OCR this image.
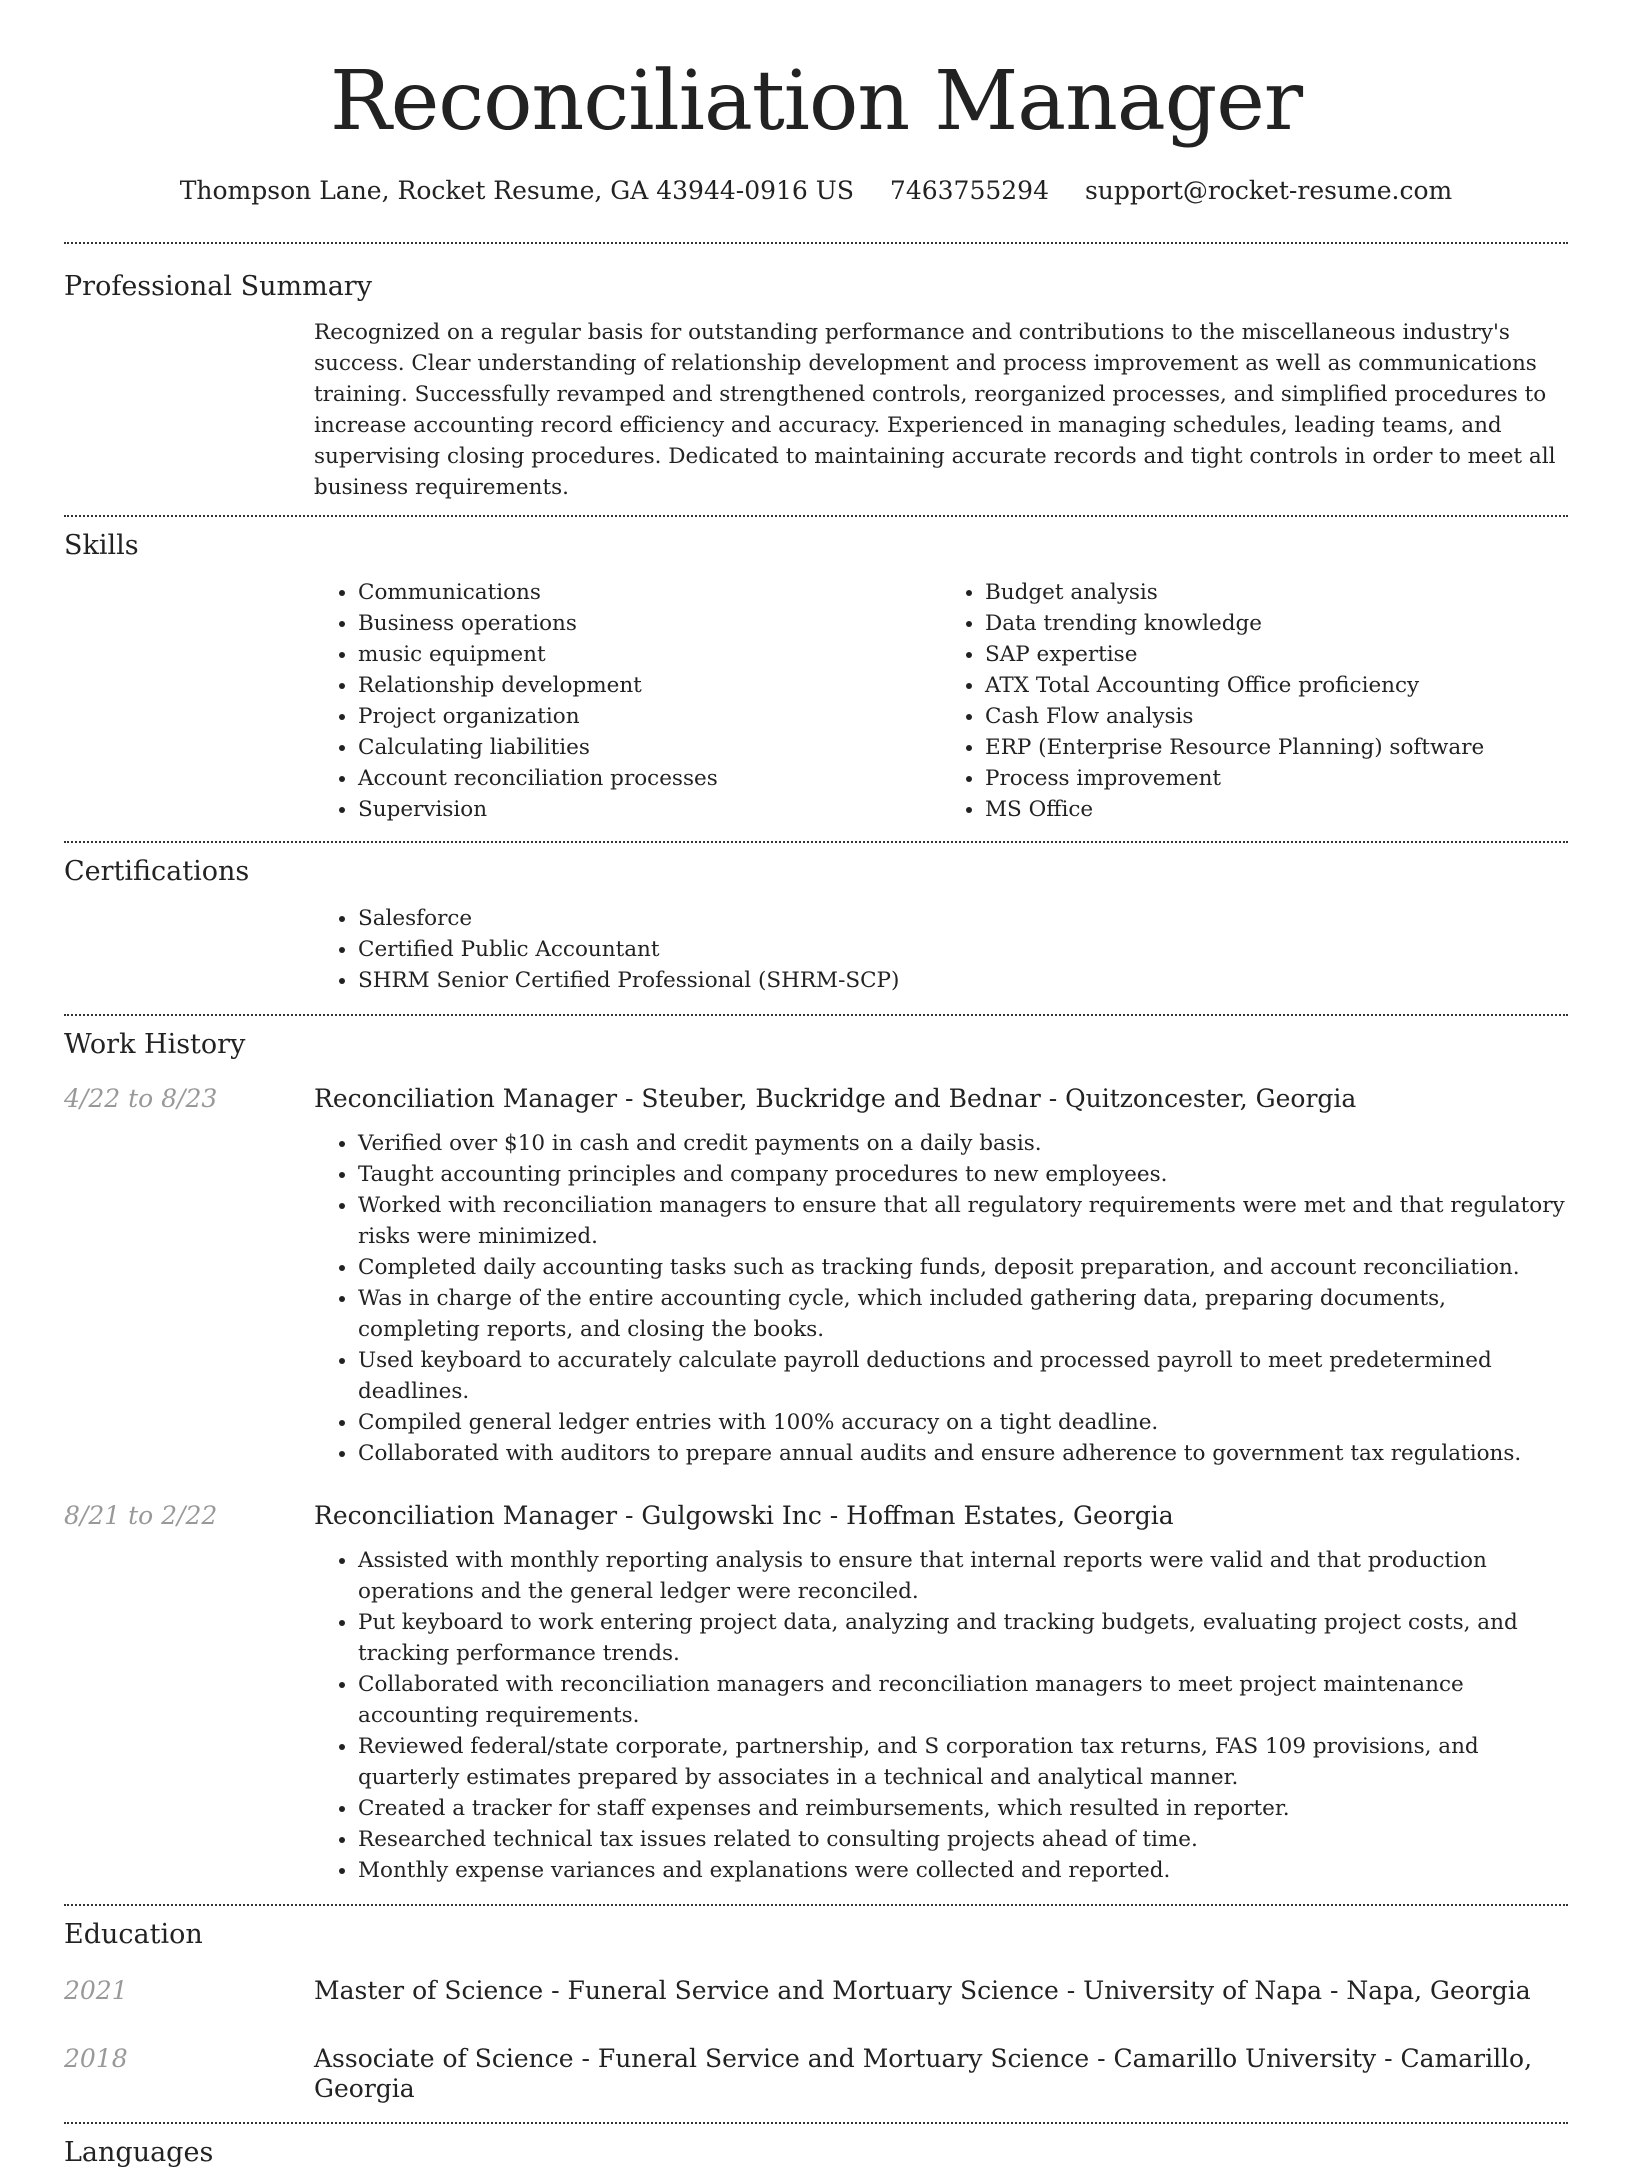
Reconciliation Manager
Thompson Lane, Rocket Resume, GA 43944-0916 US 7463755294 support@rocket-resume.com
Professional Summary

Recognized on a regular basis for outstanding performance and contributions to the miscellaneous industry's success. Clear understanding of relationship development and process improvement as well as communications training. Successfully revamped and strengthened controls, reorganized processes, and simplified procedures to increase accounting record efficiency and accuracy. Experienced in managing schedules, leading teams, and supervising closing procedures. Dedicated to maintaining accurate records and tight controls in order to meet all business requirements.

Skills
• Communications
• Business operations
• music equipment
• Relationship development
• Project organization
• Calculating liabilities
• Account reconciliation processes
• Supervision
• Budget analysis
• Data trending knowledge
• SAP expertise
• ATX Total Accounting Office proficiency
• Cash Flow analysis
• ERP (Enterprise Resource Planning) software
• Process improvement
• MS Office
Certifications
• Salesforce
• Certified Public Accountant
• SHRM Senior Certified Professional (SHRM-SCP)
Work History
4/22 to 8/23	Reconciliation Manager - Steuber, Buckridge and Bednar - Quitzoncester, Georgia
• Verified over $10 in cash and credit payments on a daily basis.
• Taught accounting principles and company procedures to new employees.
• Worked with reconciliation managers to ensure that all regulatory requirements were met and that regulatory risks were minimized.
• Completed daily accounting tasks such as tracking funds, deposit preparation, and account reconciliation.
• Was in charge of the entire accounting cycle, which included gathering data, preparing documents, completing reports, and closing the books.
• Used keyboard to accurately calculate payroll deductions and processed payroll to meet predetermined deadlines.
• Compiled general ledger entries with 100% accuracy on a tight deadline.
• Collaborated with auditors to prepare annual audits and ensure adherence to government tax regulations.
8/21 to 2/22	Reconciliation Manager - Gulgowski Inc - Hoffman Estates, Georgia
• Assisted with monthly reporting analysis to ensure that internal reports were valid and that production operations and the general ledger were reconciled.
• Put keyboard to work entering project data, analyzing and tracking budgets, evaluating project costs, and tracking performance trends.
• Collaborated with reconciliation managers and reconciliation managers to meet project maintenance accounting requirements.
• Reviewed federal/state corporate, partnership, and S corporation tax returns, FAS 109 provisions, and quarterly estimates prepared by associates in a technical and analytical manner.
• Created a tracker for staff expenses and reimbursements, which resulted in reporter.
• Researched technical tax issues related to consulting projects ahead of time.
• Monthly expense variances and explanations were collected and reported.
Education
2021	Master of Science - Funeral Service and Mortuary Science - University of Napa - Napa, Georgia
2018	Associate of Science - Funeral Service and Mortuary Science - Camarillo University - Camarillo, Georgia
Languages
